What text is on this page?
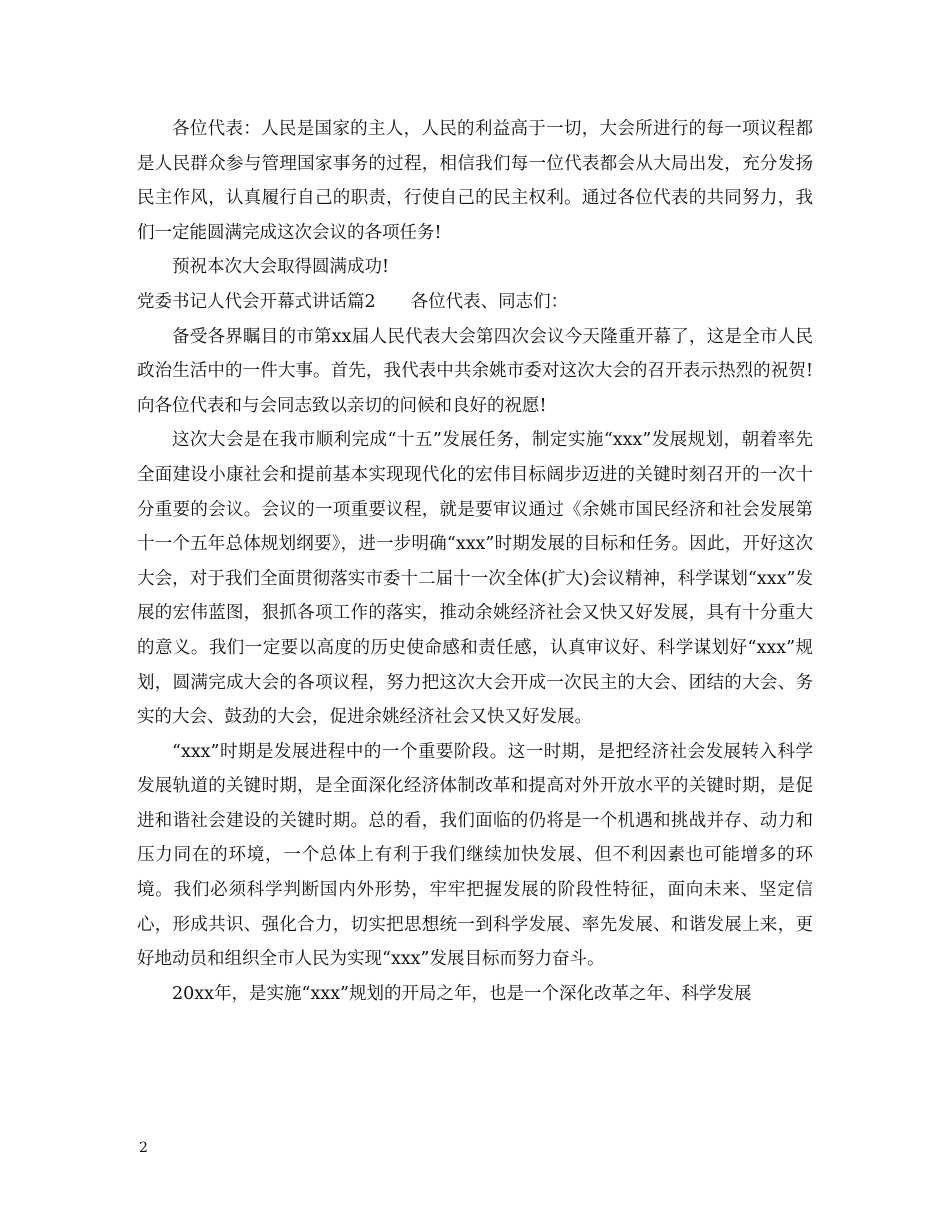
各位代表：人民是国家的主人，人民的利益高于一切，大会所进行的每一项议程都是人民群众参与管理国家事务的过程，相信我们每一位代表都会从大局出发，充分发扬民主作风，认真履行自己的职责，行使自己的民主权利。通过各位代表的共同努力，我们一定能圆满完成这次会议的各项任务!

预祝本次大会取得圆满成功!

党委书记人代会开幕式讲话篇2 各位代表、同志们：

备受各界瞩目的市第xx届人民代表大会第四次会议今天隆重开幕了，这是全市人民政治生活中的一件大事。首先，我代表中共余姚市委对这次大会的召开表示热烈的祝贺!向各位代表和与会同志致以亲切的问候和良好的祝愿!

这次大会是在我市顺利完成“十五”发展任务，制定实施“xxx”发展规划，朝着率先全面建设小康社会和提前基本实现现代化的宏伟目标阔步迈进的关键时刻召开的一次十分重要的会议。会议的一项重要议程，就是要审议通过《余姚市国民经济和社会发展第十一个五年总体规划纲要》，进一步明确“xxx”时期发展的目标和任务。因此，开好这次大会，对于我们全面贯彻落实市委十二届十一次全体(扩大)会议精神，科学谋划“xxx”发展的宏伟蓝图，狠抓各项工作的落实，推动余姚经济社会又快又好发展，具有十分重大的意义。我们一定要以高度的历史使命感和责任感，认真审议好、科学谋划好“xxx”规划，圆满完成大会的各项议程，努力把这次大会开成一次民主的大会、团结的大会、务实的大会、鼓劲的大会，促进余姚经济社会又快又好发展。

“xxx”时期是发展进程中的一个重要阶段。这一时期，是把经济社会发展转入科学发展轨道的关键时期，是全面深化经济体制改革和提高对外开放水平的关键时期，是促进和谐社会建设的关键时期。总的看，我们面临的仍将是一个机遇和挑战并存、动力和压力同在的环境，一个总体上有利于我们继续加快发展、但不利因素也可能增多的环境。我们必须科学判断国内外形势，牢牢把握发展的阶段性特征，面向未来、坚定信心，形成共识、强化合力，切实把思想统一到科学发展、率先发展、和谐发展上来，更好地动员和组织全市人民为实现“xxx”发展目标而努力奋斗。

20xx年，是实施“xxx”规划的开局之年，也是一个深化改革之年、科学发展

2
